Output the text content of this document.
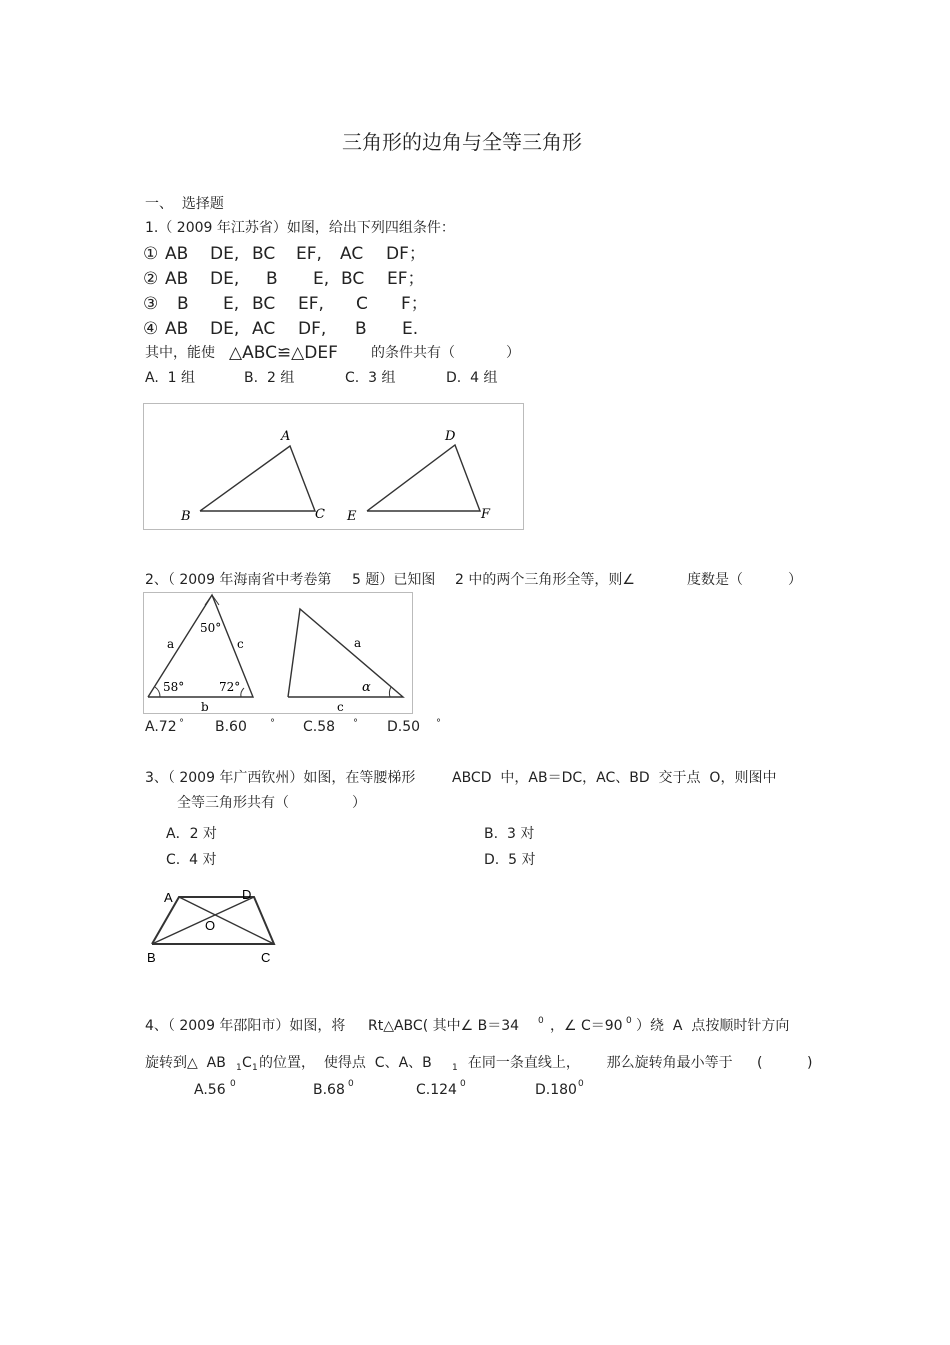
三角形的边角与全等三角形
一、  选择题
1.（ 2009 年江苏省）如图，给出下列四组条件：
① AB DE, BC EF, AC DF；
② AB DE, B E, BC EF；
③ B E, BC EF, C F；
④ AB DE, AC DF, B E.
其中，能使 △ABC≌△DEF 的条件共有（	）
A.  1 组	B.  2 组	C.  3 组	D.  4 组
A
B	C
D
E	F
2、（ 2009 年海南省中考卷第 5 题）已知图 2 中的两个三角形全等，则∠	度数是（	）
50°
58°	72°
a	c
b
a
c
α
A.72 ° B.60 ° C.58 ° D.50 °
3、（ 2009 年广西钦州）如图，在等腰梯形	ABCD  中，AB＝DC，AC、BD  交于点  O，则图中
全等三角形共有（	）
A．2 对	B.  3 对
C.  4 对	D.  5 对
A	D
O
B	C
4、（ 2009 年邵阳市）如图，将 Rt△ABC( 其中∠ B＝34 0 ，∠ C＝90 0 ）绕  A  点按顺时针方向
旋转到△  AB 1 C 1 的位置，  使得点  C、A、B 1 在同一条直线上，      那么旋转角最小等于 (          )
A.56 0	B.68 0	C.124 0	D.180 0
